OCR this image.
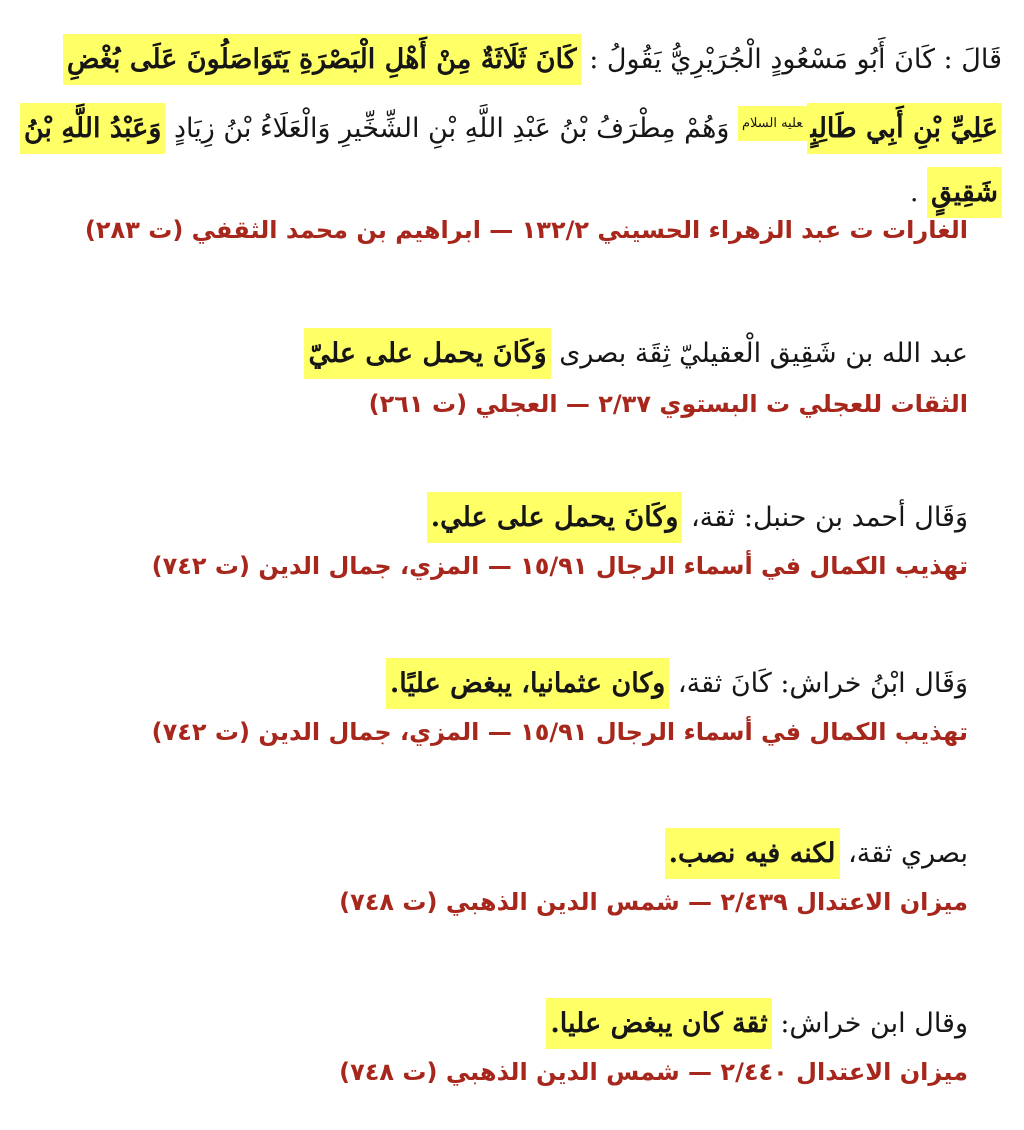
قَالَ : كَانَ أَبُو مَسْعُودٍ الْجُرَيْرِيُّ يَقُولُ : كَانَ ثَلَاثَةٌ مِنْ أَهْلِ الْبَصْرَةِ يَتَوَاصَلُونَ عَلَى بُغْضِ عَلِيِّ بْنِ أَبِي طَالِبٍ$^{عليه السلام}$ وَهُمْ مِطْرَفُ بْنُ عَبْدِ اللَّهِ بْنِ الشِّخِّيرِ وَالْعَلَاءُ بْنُ زِيَادٍ وَعَبْدُ اللَّهِ بْنُ شَقِيقٍ .
الغارات ت عبد الزهراء الحسيني ١٣٢/٢ — ابراهيم بن محمد الثقفي (ت ٢٨٣)
عبد الله بن شَقِيق الْعقيليّ ثِقَة بصرى وَكَانَ يحمل على عليّ
الثقات للعجلي ت البستوي ٢/٣٧ — العجلي (ت ٢٦١)
وَقَال أحمد بن حنبل: ثقة، وكَانَ يحمل على علي.
تهذيب الكمال في أسماء الرجال ١٥/٩١ — المزي، جمال الدين (ت ٧٤٢)
وَقَال ابْنُ خراش: كَانَ ثقة، وكان عثمانيا، يبغض عليًا.
تهذيب الكمال في أسماء الرجال ١٥/٩١ — المزي، جمال الدين (ت ٧٤٢)
بصري ثقة، لكنه فيه نصب.
ميزان الاعتدال ٢/٤٣٩ — شمس الدين الذهبي (ت ٧٤٨)
وقال ابن خراش: ثقة كان يبغض عليا.
ميزان الاعتدال ٢/٤٤٠ — شمس الدين الذهبي (ت ٧٤٨)
